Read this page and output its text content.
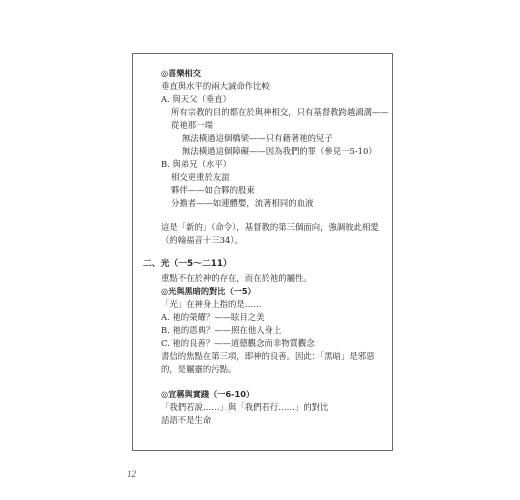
◎喜樂相交
垂直與水平的兩大誡命作比較
A. 與天父（垂直）
所有宗教的目的都在於與神相交，只有基督教跨越鴻溝——
從祂那一端
無法橫過這個橋梁——只有藉著祂的兒子
無法橫過這個障礙——因為我們的罪（參見一5-10）
B. 與弟兄（水平）
相交更重於友誼
夥伴——如合夥的股東
分擔者——如連體嬰，流著相同的血液
這是「新的」（命令），基督教的第三個面向，強調彼此相愛
（約翰福音十三34）。
二、光（一5～二11）
重點不在於神的存在，而在於祂的屬性。
◎光與黑暗的對比（一5）
「光」在神身上指的是……
A. 祂的榮耀？——眩目之美
B. 祂的恩典？——照在他人身上
C. 祂的良善？——道德觀念而非物質觀念
書信的焦點在第三項，即神的良善。因此：「黑暗」是邪惡
的，是屬靈的污點。
◎宣稱與實踐（一6-10）
「我們若說……」與「我們若行……」的對比
話語不是生命
12
